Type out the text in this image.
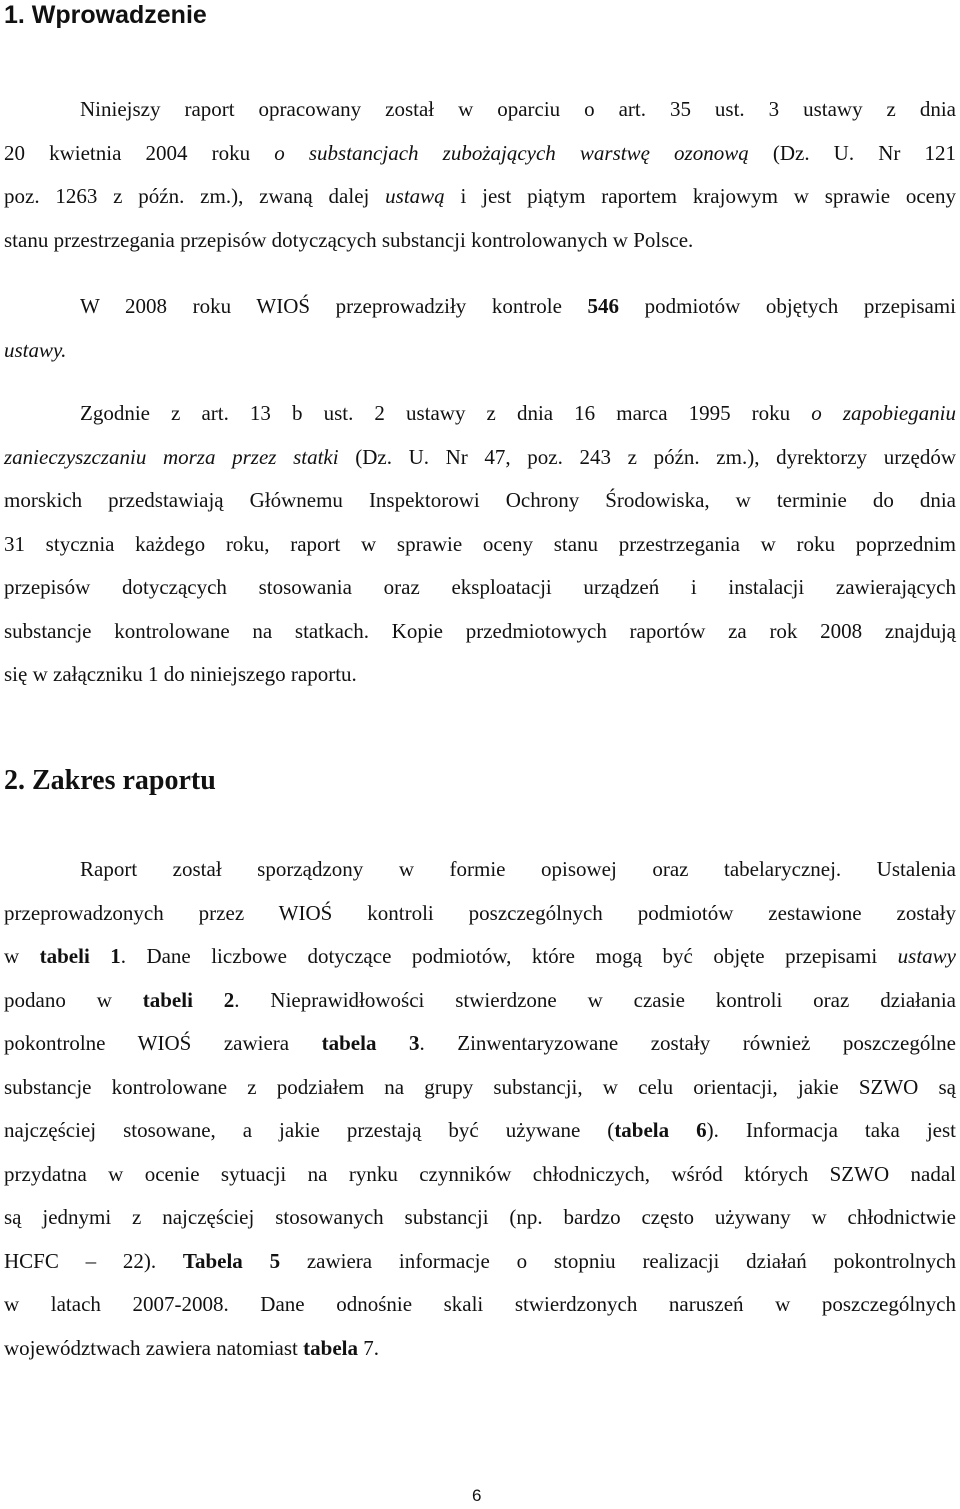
1. Wprowadzenie
Niniejszy raport opracowany został w oparciu o art. 35 ust. 3 ustawy z dnia
20 kwietnia 2004 roku o substancjach zubożających warstwę ozonową (Dz. U. Nr 121
poz. 1263 z późn. zm.), zwaną dalej ustawą i jest piątym raportem krajowym w sprawie oceny
stanu przestrzegania przepisów dotyczących substancji kontrolowanych w Polsce.
W 2008 roku WIOŚ przeprowadziły kontrole 546 podmiotów objętych przepisami
ustawy.
Zgodnie z art. 13 b ust. 2 ustawy z dnia 16 marca 1995 roku o zapobieganiu
zanieczyszczaniu morza przez statki (Dz. U. Nr 47, poz. 243 z późn. zm.), dyrektorzy urzędów
morskich przedstawiają Głównemu Inspektorowi Ochrony Środowiska, w terminie do dnia
31 stycznia każdego roku, raport w sprawie oceny stanu przestrzegania w roku poprzednim
przepisów dotyczących stosowania oraz eksploatacji urządzeń i instalacji zawierających
substancje kontrolowane na statkach. Kopie przedmiotowych raportów za rok 2008 znajdują
się w załączniku 1 do niniejszego raportu.
2. Zakres raportu
Raport został sporządzony w formie opisowej oraz tabelarycznej. Ustalenia
przeprowadzonych przez WIOŚ kontroli poszczególnych podmiotów zestawione zostały
w tabeli 1. Dane liczbowe dotyczące podmiotów, które mogą być objęte przepisami ustawy
podano w tabeli 2. Nieprawidłowości stwierdzone w czasie kontroli oraz działania
pokontrolne WIOŚ zawiera tabela 3. Zinwentaryzowane zostały również poszczególne
substancje kontrolowane z podziałem na grupy substancji, w celu orientacji, jakie SZWO są
najczęściej stosowane, a jakie przestają być używane (tabela 6). Informacja taka jest
przydatna w ocenie sytuacji na rynku czynników chłodniczych, wśród których SZWO nadal
są jednymi z najczęściej stosowanych substancji (np. bardzo często używany w chłodnictwie
HCFC – 22). Tabela 5 zawiera informacje o stopniu realizacji działań pokontrolnych
w latach 2007-2008. Dane odnośnie skali stwierdzonych naruszeń w poszczególnych
województwach zawiera natomiast tabela 7.
6
